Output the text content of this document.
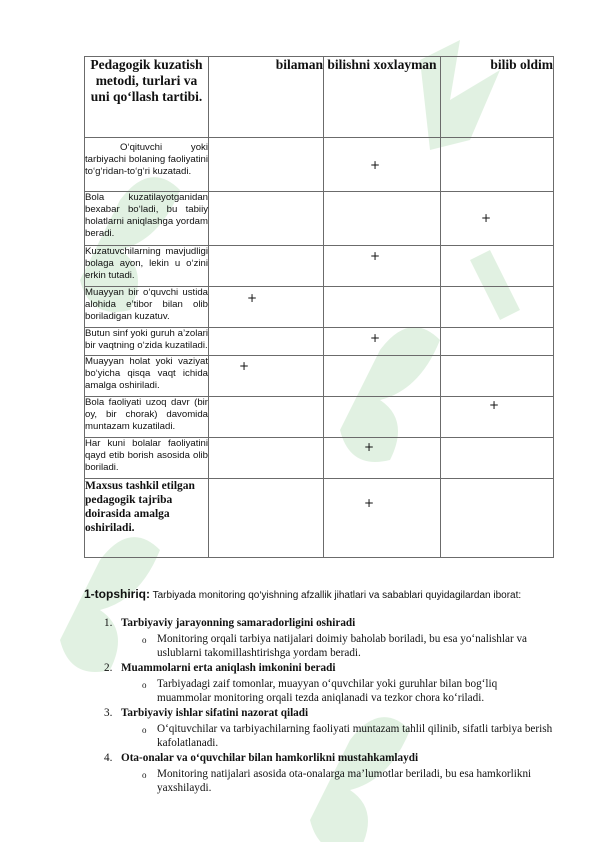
Pedagogik kuzatish metodi, turlari va uni qo‘llash tartibi.	bilaman	bilishni xoxlayman	bilib oldim
O‘qituvchi yoki tarbiyachi bolaning faoliyatini to‘g‘ridan-to‘g‘ri kuzatadi.		+	

Bola kuzatilayotganidan bexabar bo‘ladi, bu tabiiy holatlarni aniqlashga yordam beradi.			+

Kuzatuvchilarning mavjudligi bolaga ayon, lekin u o‘zini erkin tutadi.		+	

Muayyan bir o‘quvchi ustida alohida e’tibor bilan olib boriladigan kuzatuv.	+		

Butun sinf yoki guruh a’zolari bir vaqtning o‘zida kuzatiladi.		+	

Muayyan holat yoki vaziyat bo‘yicha qisqa vaqt ichida amalga oshiriladi.	+		

Bola faoliyati uzoq davr (bir oy, bir chorak) davomida muntazam kuzatiladi.			+

Har kuni bolalar faoliyatini qayd etib borish asosida olib boriladi.		+	

Maxsus tashkil etilgan pedagogik tajriba doirasida amalga oshiriladi.		+	

1-topshiriq: Tarbiyada monitoring qo‘yishning afzallik jihatlari va sabablari quyidagilardan iborat:
1. Tarbiyaviy jarayonning samaradorligini oshiradi
o Monitoring orqali tarbiya natijalari doimiy baholab boriladi, bu esa yo‘nalishlar va uslublarni takomillashtirishga yordam beradi.
2. Muammolarni erta aniqlash imkonini beradi
o Tarbiyadagi zaif tomonlar, muayyan o‘quvchilar yoki guruhlar bilan bog‘liq muammolar monitoring orqali tezda aniqlanadi va tezkor chora ko‘riladi.
3. Tarbiyaviy ishlar sifatini nazorat qiladi
o O‘qituvchilar va tarbiyachilarning faoliyati muntazam tahlil qilinib, sifatli tarbiya berish kafolatlanadi.
4. Ota-onalar va o‘quvchilar bilan hamkorlikni mustahkamlaydi
o Monitoring natijalari asosida ota-onalarga ma’lumotlar beriladi, bu esa hamkorlikni yaxshilaydi.
